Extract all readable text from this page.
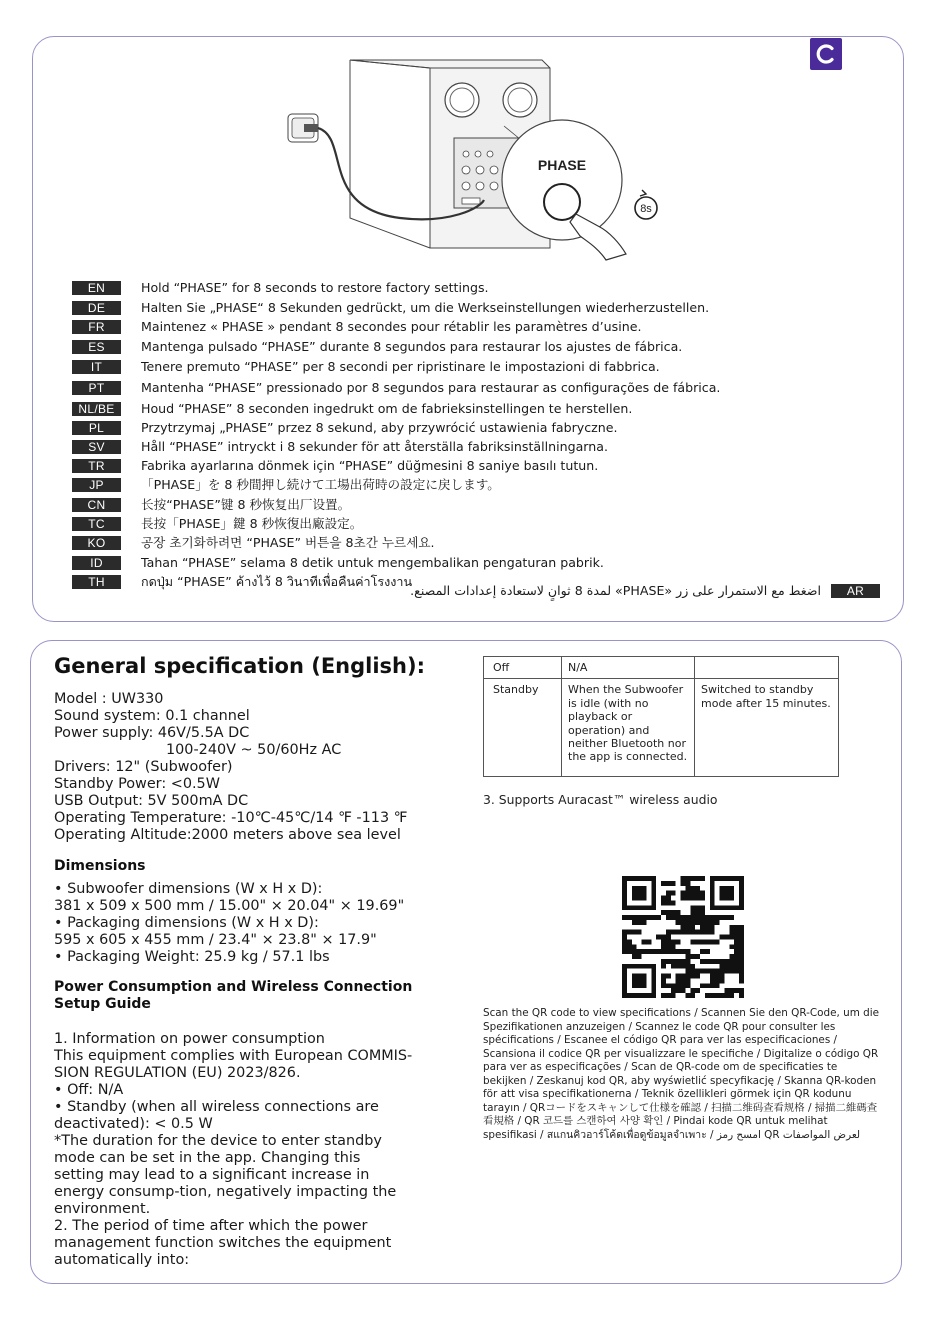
PHASE
8s
EN	Hold “PHASE” for 8 seconds to restore factory settings.
DE	Halten Sie „PHASE“ 8 Sekunden gedrückt, um die Werkseinstellungen wiederherzustellen.
FR	Maintenez « PHASE » pendant 8 secondes pour rétablir les paramètres d’usine.
ES	Mantenga pulsado “PHASE” durante 8 segundos para restaurar los ajustes de fábrica.
IT	Tenere premuto “PHASE” per 8 secondi per ripristinare le impostazioni di fabbrica.
PT	Mantenha “PHASE” pressionado por 8 segundos para restaurar as configurações de fábrica.
NL/BE	Houd “PHASE” 8 seconden ingedrukt om de fabrieksinstellingen te herstellen.
PL	Przytrzymaj „PHASE” przez 8 sekund, aby przywrócić ustawienia fabryczne.
SV	Håll “PHASE” intryckt i 8 sekunder för att återställa fabriksinställningarna.
TR	Fabrika ayarlarına dönmek için “PHASE” düğmesini 8 saniye basılı tutun.
JP	「PHASE」を 8 秒間押し続けて工場出荷時の設定に戻します。
CN	长按“PHASE”键 8 秒恢复出厂设置。
TC	長按「PHASE」鍵 8 秒恢復出廠設定。
KO	공장 초기화하려면 “PHASE” 버튼을 8초간 누르세요.
ID	Tahan “PHASE” selama 8 detik untuk mengembalikan pengaturan pabrik.
TH	กดปุ่ม “PHASE” ค้างไว้ 8 วินาทีเพื่อคืนค่าโรงงาน
اضغط مع الاستمرار على زر «PHASE» لمدة 8 ثوانٍ لاستعادة إعدادات المصنع.	AR
General specification (English):
Model : UW330
Sound system: 0.1 channel
Power supply: 46V/5.5A DC
100-240V ~ 50/60Hz AC
Drivers: 12" (Subwoofer)
Standby Power: <0.5W
USB Output: 5V 500mA DC
Operating Temperature: -10℃-45℃/14 ℉ -113 ℉
Operating Altitude:2000 meters above sea level
Dimensions
• Subwoofer dimensions (W x H x D):
381 x 509 x 500 mm / 15.00" × 20.04" × 19.69"
• Packaging dimensions (W x H x D):
595 x 605 x 455 mm / 23.4" × 23.8" × 17.9"
• Packaging Weight: 25.9 kg / 57.1 lbs
Power Consumption and Wireless Connection Setup Guide
1. Information on power consumption
This equipment complies with European COMMIS-SION REGULATION (EU) 2023/826.
• Off: N/A
• Standby (when all wireless connections are deactivated): < 0.5 W
*The duration for the device to enter standby mode can be set in the app. Changing this setting may lead to a significant increase in energy consump-tion, negatively impacting the environment.
2. The period of time after which the power management function switches the equipment automatically into:
Off	N/A	
Standby	When the Subwoofer is idle (with no playback or operation) and neither Bluetooth nor the app is connected.	Switched to standby mode after 15 minutes.
3. Supports Auracast™ wireless audio
Scan the QR code to view specifications / Scannen Sie den QR-Code, um die Spezifikationen anzuzeigen / Scannez le code QR pour consulter les spécifications / Escanee el código QR para ver las especificaciones / Scansiona il codice QR per visualizzare le specifiche / Digitalize o código QR para ver as especificações / Scan de QR-code om de specificaties te bekijken / Zeskanuj kod QR, aby wyświetlić specyfikację / Skanna QR-koden för att visa specifikationerna / Teknik özellikleri görmek için QR kodunu tarayın / QRコードをスキャンして仕様を確認 / 扫描二维码查看规格 / 掃描二維碼查看規格 / QR 코드를 스캔하여 사양 확인 / Pindai kode QR untuk melihat spesifikasi / สแกนคิวอาร์โค้ดเพื่อดูข้อมูลจำเพาะ / امسح رمز QR لعرض المواصفات
